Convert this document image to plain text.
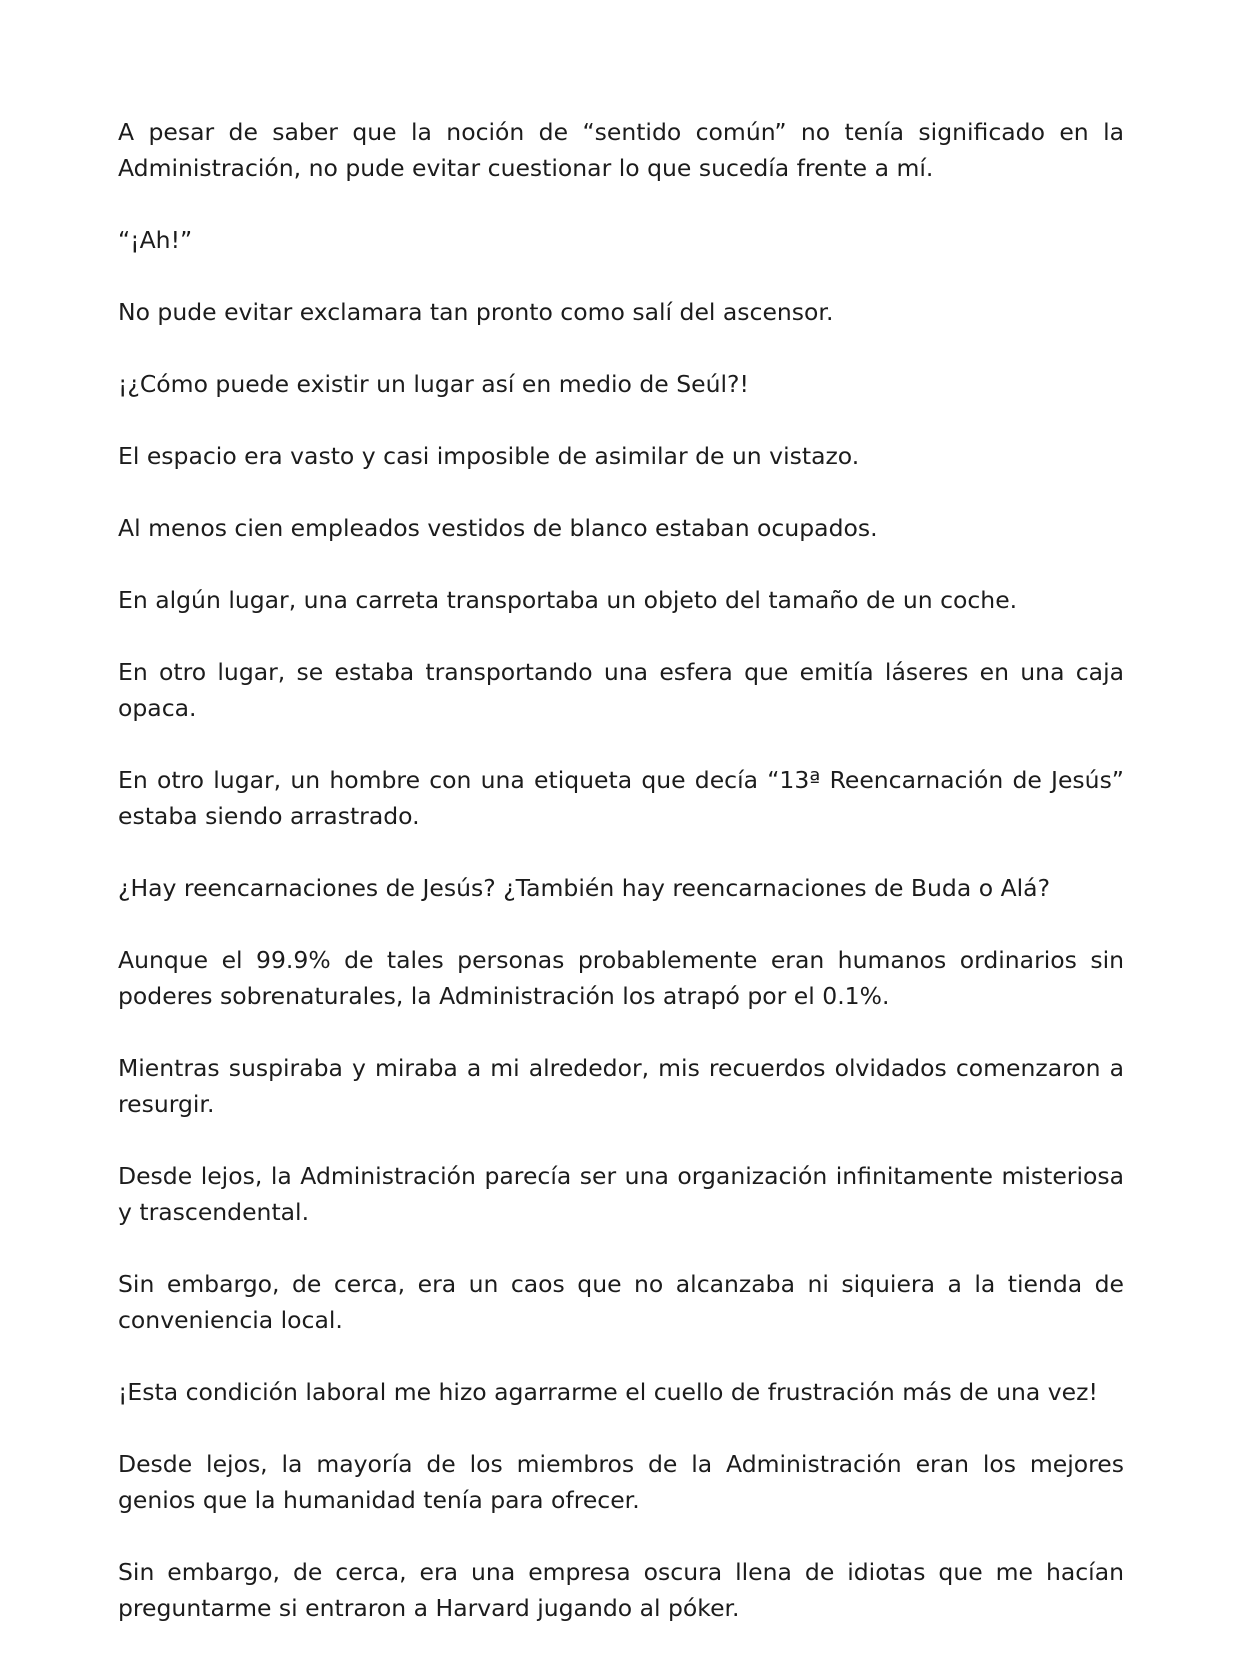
A pesar de saber que la noción de “sentido común” no tenía significado en la Administración, no pude evitar cuestionar lo que sucedía frente a mí.

“¡Ah!”

No pude evitar exclamara tan pronto como salí del ascensor.

¡¿Cómo puede existir un lugar así en medio de Seúl?!

El espacio era vasto y casi imposible de asimilar de un vistazo.

Al menos cien empleados vestidos de blanco estaban ocupados.

En algún lugar, una carreta transportaba un objeto del tamaño de un coche.

En otro lugar, se estaba transportando una esfera que emitía láseres en una caja opaca.

En otro lugar, un hombre con una etiqueta que decía “13ª Reencarnación de Jesús” estaba siendo arrastrado.

¿Hay reencarnaciones de Jesús? ¿También hay reencarnaciones de Buda o Alá?

Aunque el 99.9% de tales personas probablemente eran humanos ordinarios sin poderes sobrenaturales, la Administración los atrapó por el 0.1%.

Mientras suspiraba y miraba a mi alrededor, mis recuerdos olvidados comenzaron a resurgir.

Desde lejos, la Administración parecía ser una organización infinitamente misteriosa y trascendental.

Sin embargo, de cerca, era un caos que no alcanzaba ni siquiera a la tienda de conveniencia local.

¡Esta condición laboral me hizo agarrarme el cuello de frustración más de una vez!

Desde lejos, la mayoría de los miembros de la Administración eran los mejores genios que la humanidad tenía para ofrecer.

Sin embargo, de cerca, era una empresa oscura llena de idiotas que me hacían preguntarme si entraron a Harvard jugando al póker.
